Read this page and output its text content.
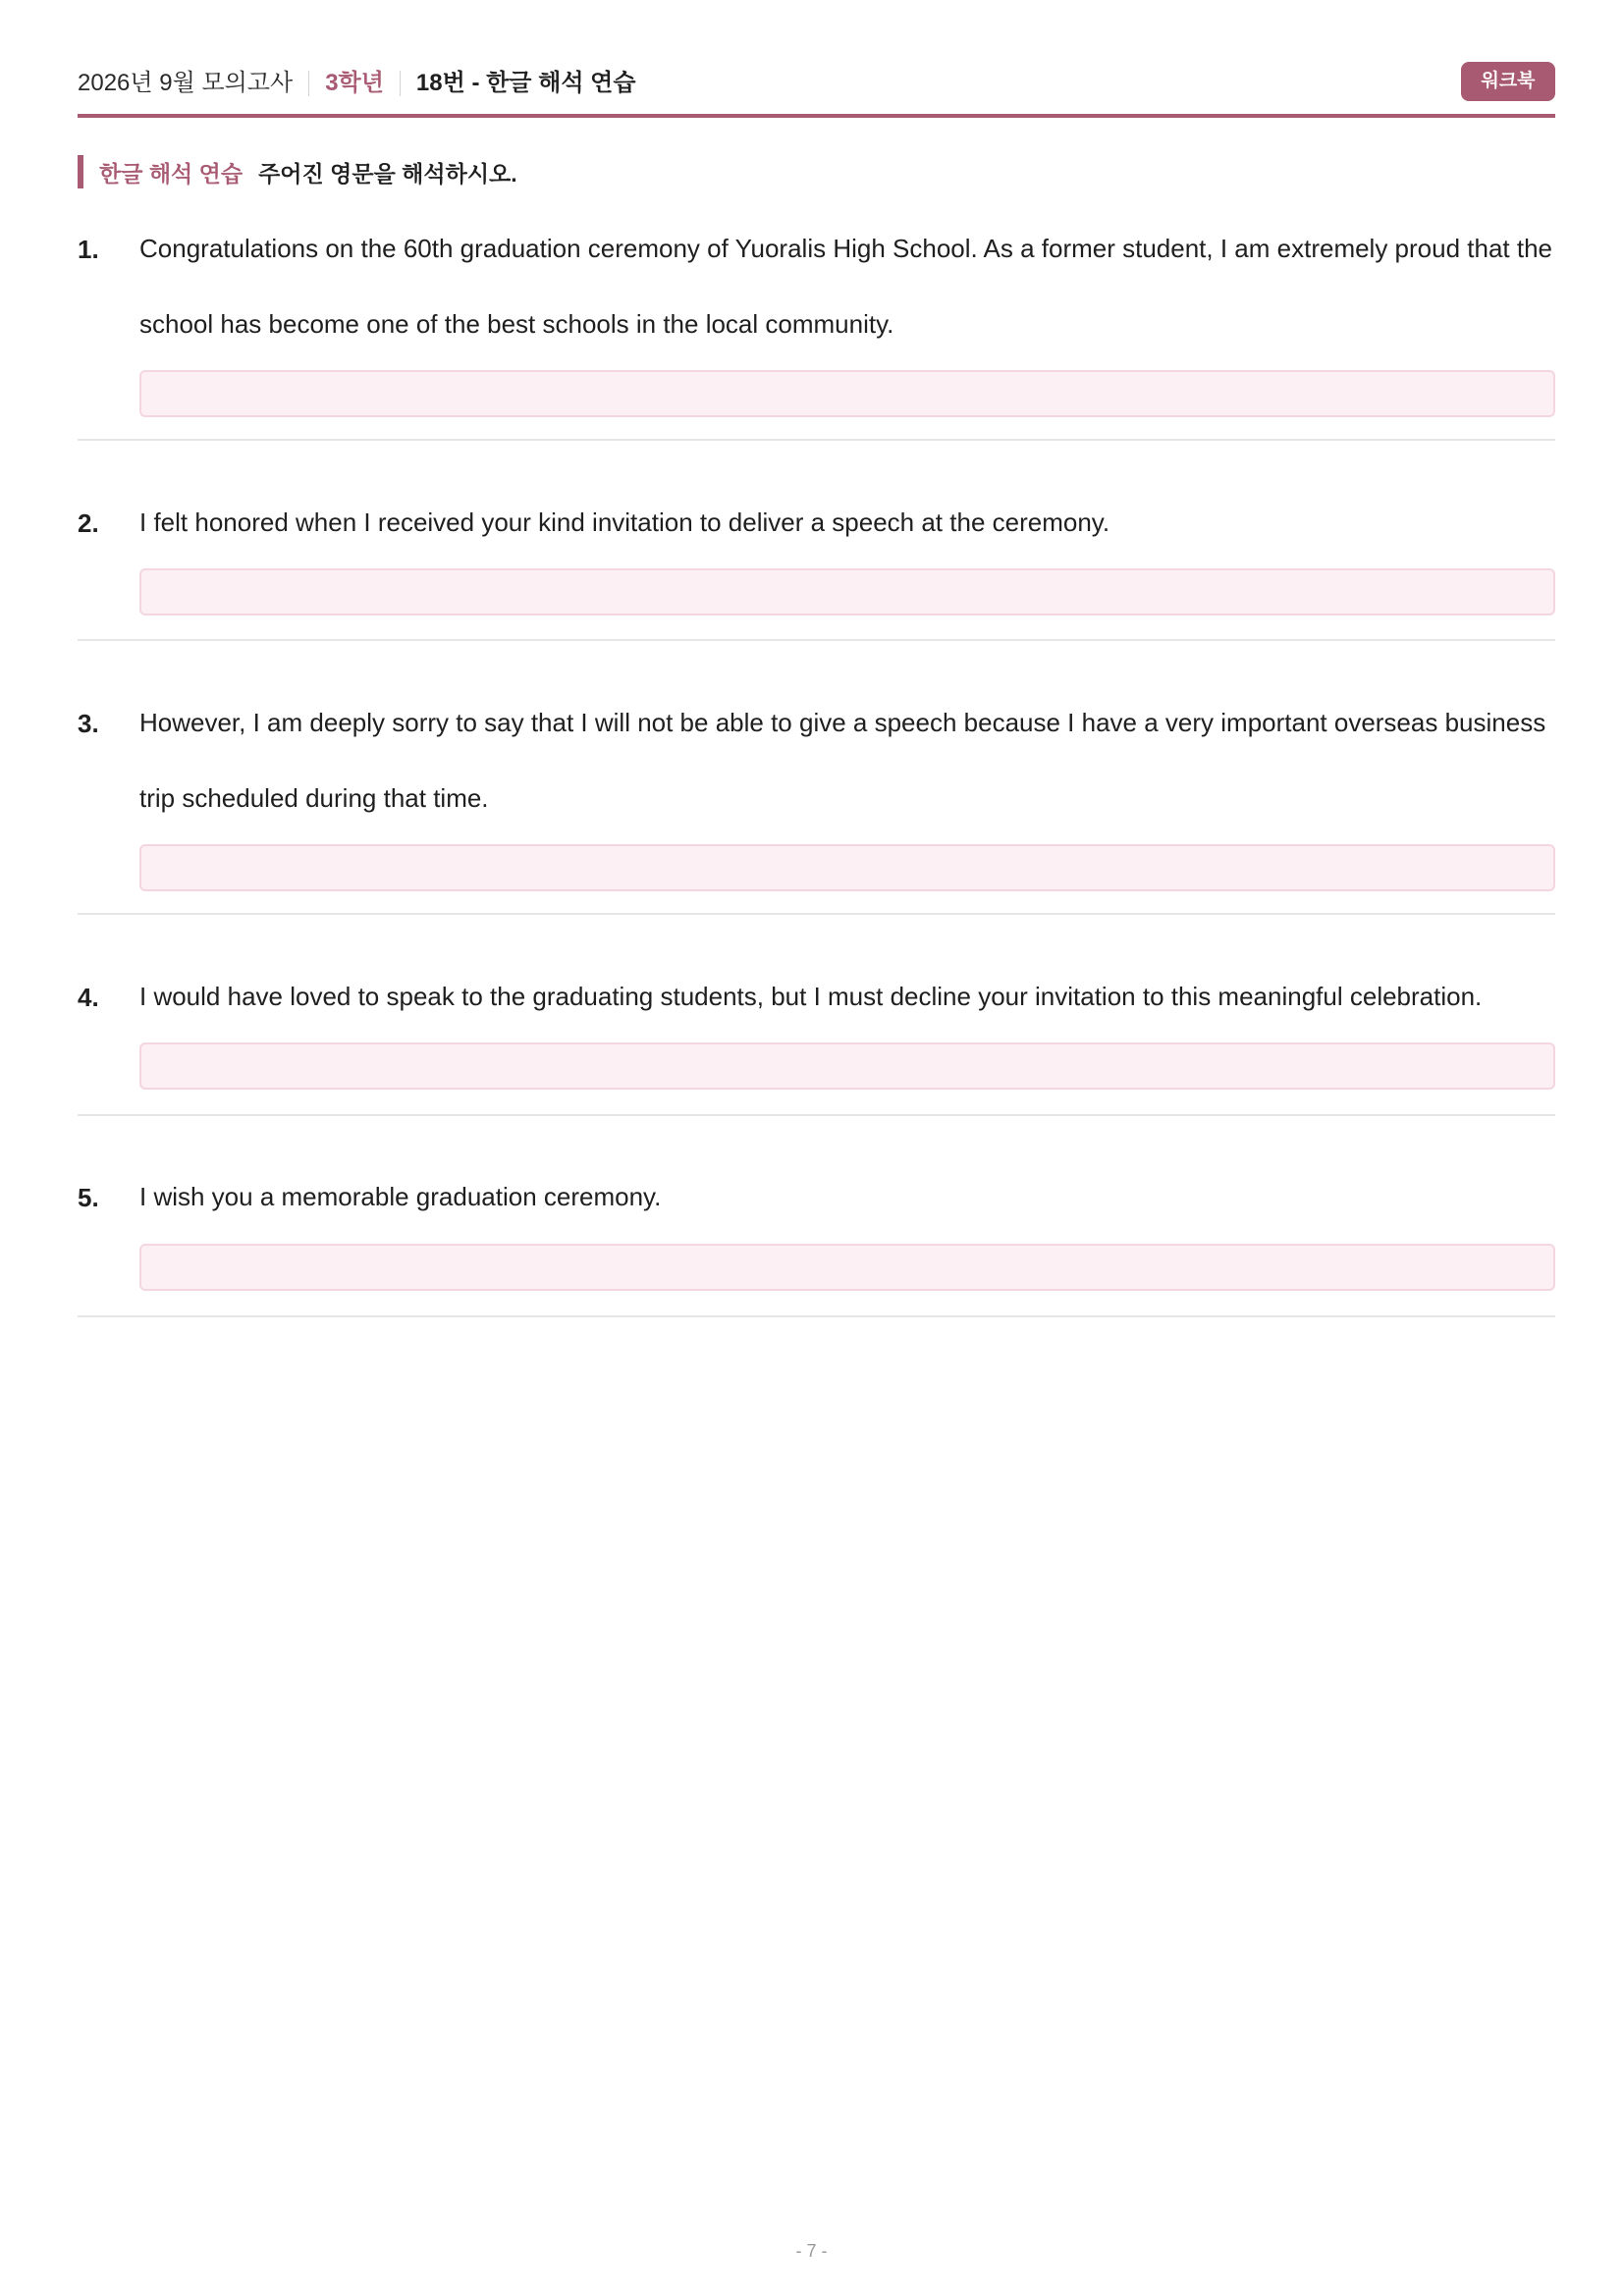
2026년 9월 모의고사 3학년 18번 - 한글 해석 연습	워크북
한글 해석 연습 주어진 영문을 해석하시오.
1. Congratulations on the 60th graduation ceremony of Yuoralis High School. As a former student, I am extremely proud that the school has become one of the best schools in the local community.
2. I felt honored when I received your kind invitation to deliver a speech at the ceremony.
3. However, I am deeply sorry to say that I will not be able to give a speech because I have a very important overseas business trip scheduled during that time.
4. I would have loved to speak to the graduating students, but I must decline your invitation to this meaningful celebration.
5. I wish you a memorable graduation ceremony.
- 7 -
